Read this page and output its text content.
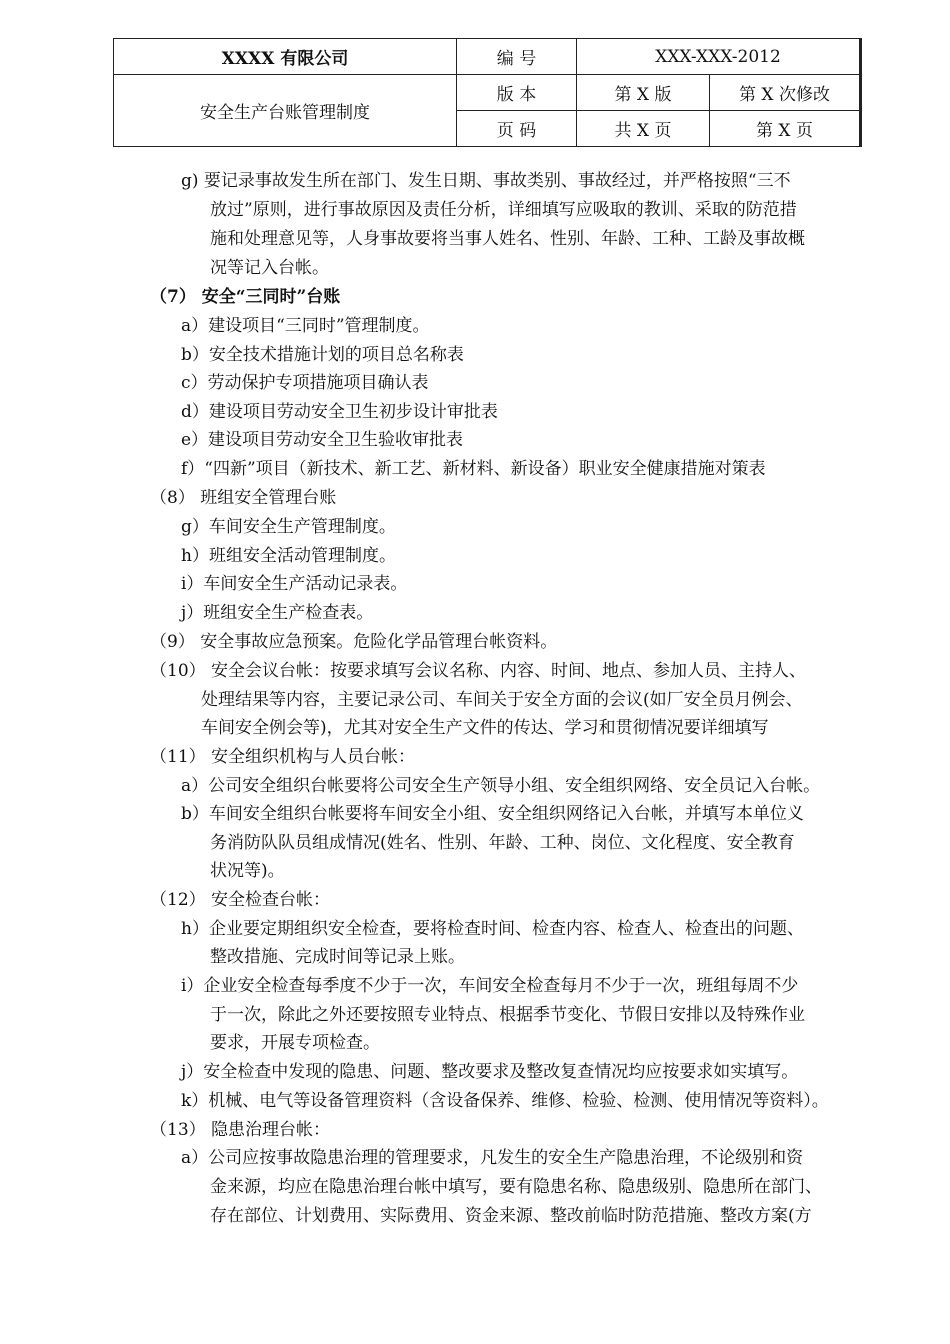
XXXX 有限公司	编 号	XXX-XXX-2012	
安全生产台账管理制度	版 本	第 X 版	第 X 次修改
	页 码	共 X 页	第 X 页
g) 要记录事故发生所在部门、发生日期、事故类别、事故经过，并严格按照“三不
放过”原则，进行事故原因及责任分析，详细填写应吸取的教训、采取的防范措
施和处理意见等，人身事故要将当事人姓名、性别、年龄、工种、工龄及事故概
况等记入台帐。
（7） 安全“三同时”台账
a）建设项目“三同时”管理制度。
b）安全技术措施计划的项目总名称表
c）劳动保护专项措施项目确认表
d）建设项目劳动安全卫生初步设计审批表
e）建设项目劳动安全卫生验收审批表
f）“四新”项目（新技术、新工艺、新材料、新设备）职业安全健康措施对策表
（8） 班组安全管理台账
g）车间安全生产管理制度。
h）班组安全活动管理制度。
i）车间安全生产活动记录表。
j）班组安全生产检查表。
（9） 安全事故应急预案。危险化学品管理台帐资料。
（10） 安全会议台帐：按要求填写会议名称、内容、时间、地点、参加人员、主持人、
处理结果等内容，主要记录公司、车间关于安全方面的会议(如厂安全员月例会、
车间安全例会等)，尤其对安全生产文件的传达、学习和贯彻情况要详细填写
（11） 安全组织机构与人员台帐：
a）公司安全组织台帐要将公司安全生产领导小组、安全组织网络、安全员记入台帐。
b）车间安全组织台帐要将车间安全小组、安全组织网络记入台帐，并填写本单位义
务消防队队员组成情况(姓名、性别、年龄、工种、岗位、文化程度、安全教育
状况等)。
（12） 安全检查台帐：
h）企业要定期组织安全检查，要将检查时间、检查内容、检查人、检查出的问题、
整改措施、完成时间等记录上账。
i）企业安全检查每季度不少于一次，车间安全检查每月不少于一次，班组每周不少
于一次，除此之外还要按照专业特点、根据季节变化、节假日安排以及特殊作业
要求，开展专项检查。
j）安全检查中发现的隐患、问题、整改要求及整改复查情况均应按要求如实填写。
k）机械、电气等设备管理资料（含设备保养、维修、检验、检测、使用情况等资料）。
（13） 隐患治理台帐：
a）公司应按事故隐患治理的管理要求，凡发生的安全生产隐患治理，不论级别和资
金来源，均应在隐患治理台帐中填写，要有隐患名称、隐患级别、隐患所在部门、
存在部位、计划费用、实际费用、资金来源、整改前临时防范措施、整改方案(方
